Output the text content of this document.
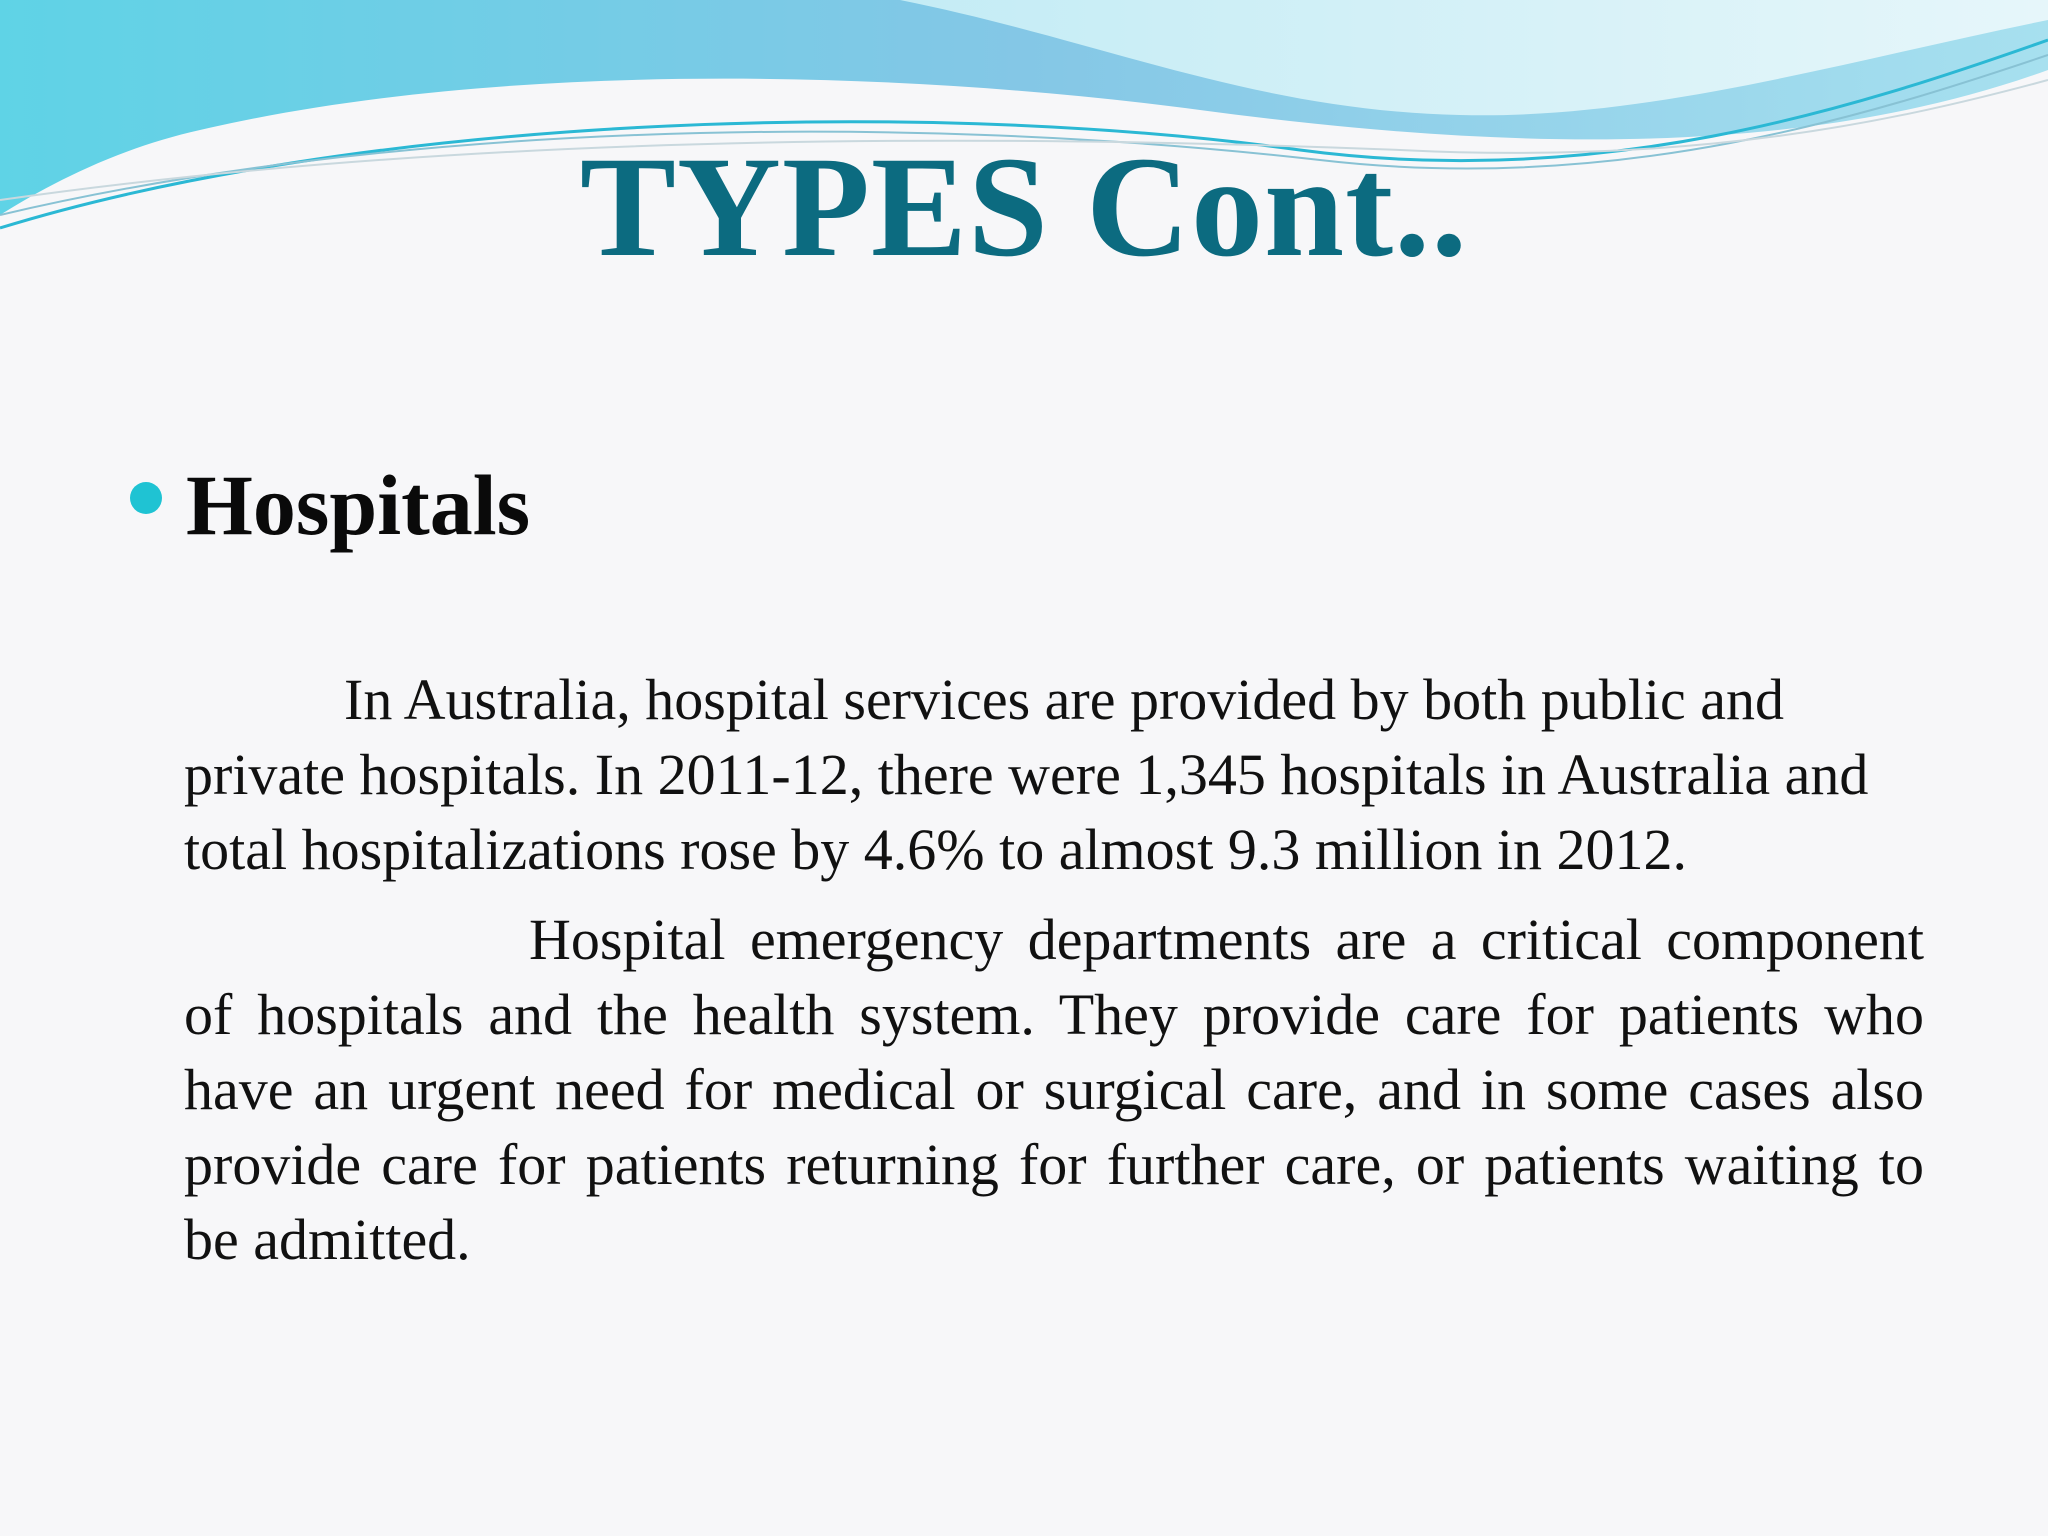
TYPES Cont..
Hospitals

In Australia, hospital services are provided by both public and private hospitals. In 2011-12, there were 1,345 hospitals in Australia and total hospitalizations rose by 4.6% to almost 9.3 million in 2012.

Hospital emergency departments are a critical component of hospitals and the health system. They provide care for patients who have an urgent need for medical or surgical care, and in some cases also provide care for patients returning for further care, or patients waiting to be admitted.
